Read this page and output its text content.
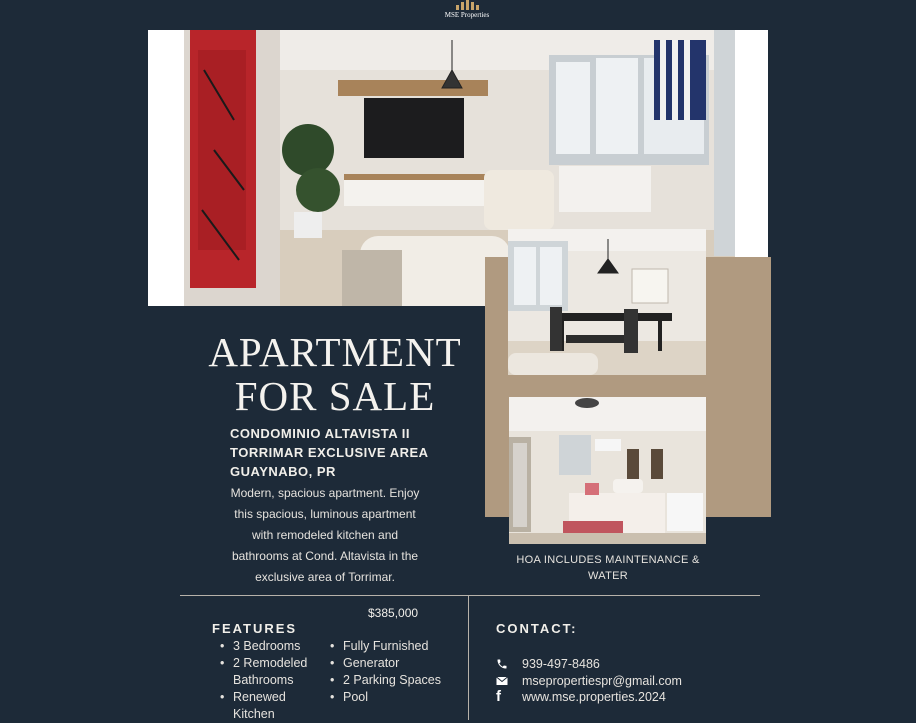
MSE Properties
APARTMENT
FOR SALE
CONDOMINIO ALTAVISTA II
TORRIMAR EXCLUSIVE AREA
GUAYNABO, PR
Modern, spacious apartment. Enjoy
this spacious, luminous apartment
with remodeled kitchen and
bathrooms at Cond. Altavista in the
exclusive area of Torrimar.
HOA INCLUDES MAINTENANCE &
WATER
$385,000
FEATURES
• 3 Bedrooms
• 2 Remodeled Bathrooms
• Renewed Kitchen
• Fully Furnished
• Generator
• 2 Parking Spaces
• Pool
CONTACT:
939-497-8486
msepropertiespr@gmail.com
f www.mse.properties.2024
